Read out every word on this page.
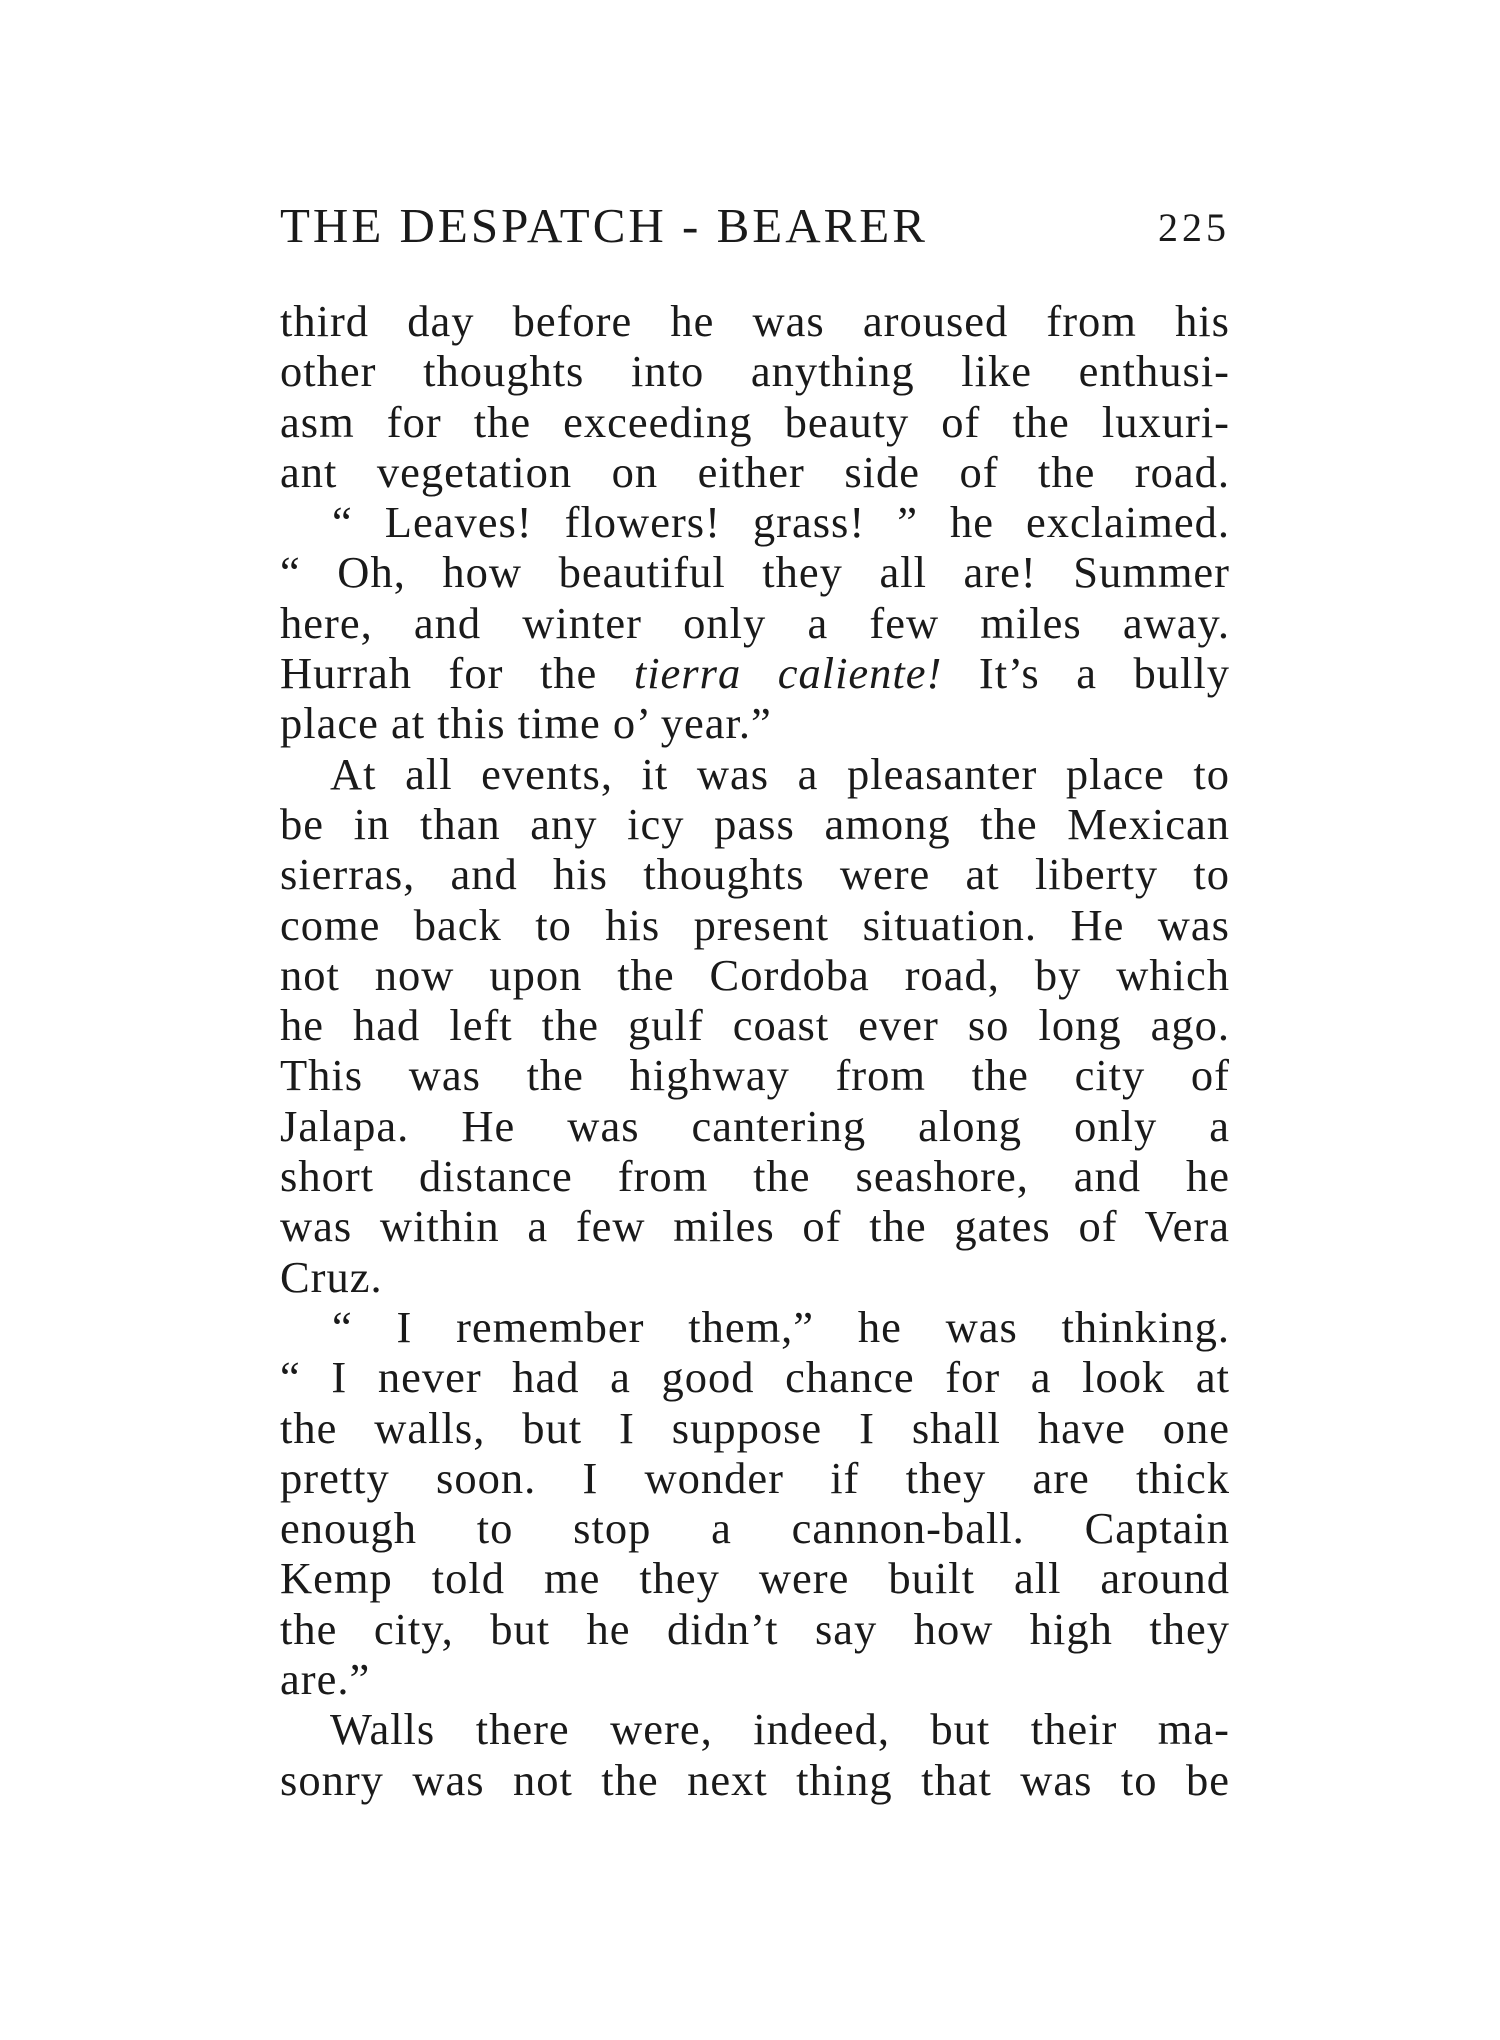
THE DESPATCH - BEARER	225
third day before he was aroused from his
other thoughts into anything like enthusi-
asm for the exceeding beauty of the luxuri-
ant vegetation on either side of the road.
“ Leaves! flowers! grass! ” he exclaimed.
“ Oh, how beautiful they all are! Summer
here, and winter only a few miles away.
Hurrah for the tierra caliente! It’s a bully
place at this time o’ year.”
At all events, it was a pleasanter place to
be in than any icy pass among the Mexican
sierras, and his thoughts were at liberty to
come back to his present situation. He was
not now upon the Cordoba road, by which
he had left the gulf coast ever so long ago.
This was the highway from the city of
Jalapa. He was cantering along only a
short distance from the seashore, and he
was within a few miles of the gates of Vera
Cruz.
“ I remember them,” he was thinking.
“ I never had a good chance for a look at
the walls, but I suppose I shall have one
pretty soon. I wonder if they are thick
enough to stop a cannon-ball. Captain
Kemp told me they were built all around
the city, but he didn’t say how high they
are.”
Walls there were, indeed, but their ma-
sonry was not the next thing that was to be
